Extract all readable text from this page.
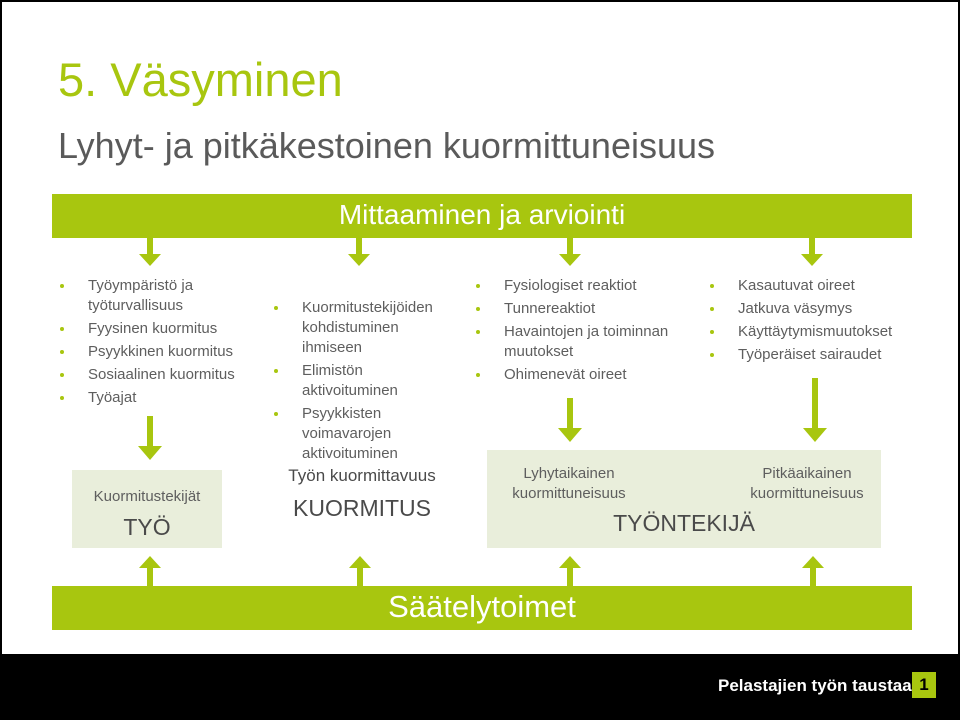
5. Väsyminen
Lyhyt- ja pitkäkestoinen kuormittuneisuus
Mittaaminen ja arviointi
Työympäristö ja työturvallisuus
Fyysinen kuormitus
Psyykkinen kuormitus
Sosiaalinen kuormitus
Työajat
Kuormitustekijöiden kohdistuminen ihmiseen
Elimistön aktivoituminen
Psyykkisten voimavarojen aktivoituminen
Fysiologiset reaktiot
Tunnereaktiot
Havaintojen ja toiminnan muutokset
Ohimenevät oireet
Kasautuvat oireet
Jatkuva väsymys
Käyttäytymismuutokset
Työperäiset sairaudet
Kuormitustekijät
TYÖ
Työn kuormittavuus
KUORMITUS
Lyhytaikainen kuormittuneisuus
Pitkäaikainen kuormittuneisuus
TYÖNTEKIJÄ
Säätelytoimet
Pelastajien työn taustaa 1
